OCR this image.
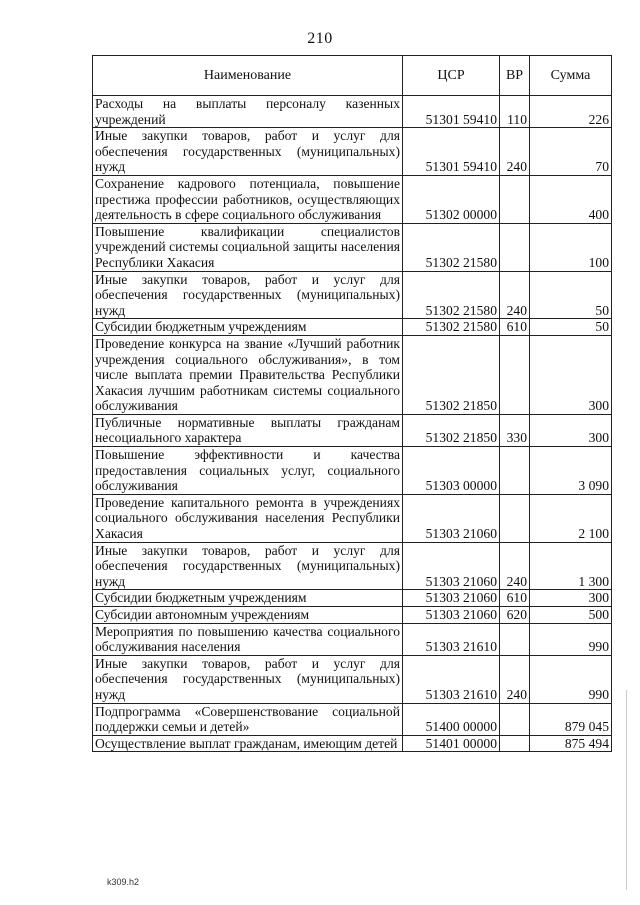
210
Наименование	ЦСР	ВР	Сумма
Расходы на выплаты персоналу казенных учреждений	51301 59410	110	226
Иные закупки товаров, работ и услуг для обеспечения государственных (муниципальных) нужд	51301 59410	240	70
Сохранение кадрового потенциала, повышение престижа профессии работников, осуществляющих деятельность в сфере социального обслуживания	51302 00000		400
Повышение квалификации специалистов учреждений системы социальной защиты населения Республики Хакасия	51302 21580		100
Иные закупки товаров, работ и услуг для обеспечения государственных (муниципальных) нужд	51302 21580	240	50
Субсидии бюджетным учреждениям	51302 21580	610	50
Проведение конкурса на звание «Лучший работник учреждения социального обслуживания», в том числе выплата премии Правительства Республики Хакасия лучшим работникам системы социального обслуживания	51302 21850		300
Публичные нормативные выплаты гражданам несоциального характера	51302 21850	330	300
Повышение эффективности и качества предоставления социальных услуг, социального обслуживания	51303 00000		3 090
Проведение капитального ремонта в учреждениях социального обслуживания населения Республики Хакасия	51303 21060		2 100
Иные закупки товаров, работ и услуг для обеспечения государственных (муниципальных) нужд	51303 21060	240	1 300
Субсидии бюджетным учреждениям	51303 21060	610	300
Субсидии автономным учреждениям	51303 21060	620	500
Мероприятия по повышению качества социального обслуживания населения	51303 21610		990
Иные закупки товаров, работ и услуг для обеспечения государственных (муниципальных) нужд	51303 21610	240	990
Подпрограмма «Совершенствование социальной поддержки семьи и детей»	51400 00000		879 045
Осуществление выплат гражданам, имеющим детей	51401 00000		875 494
k309.h2
